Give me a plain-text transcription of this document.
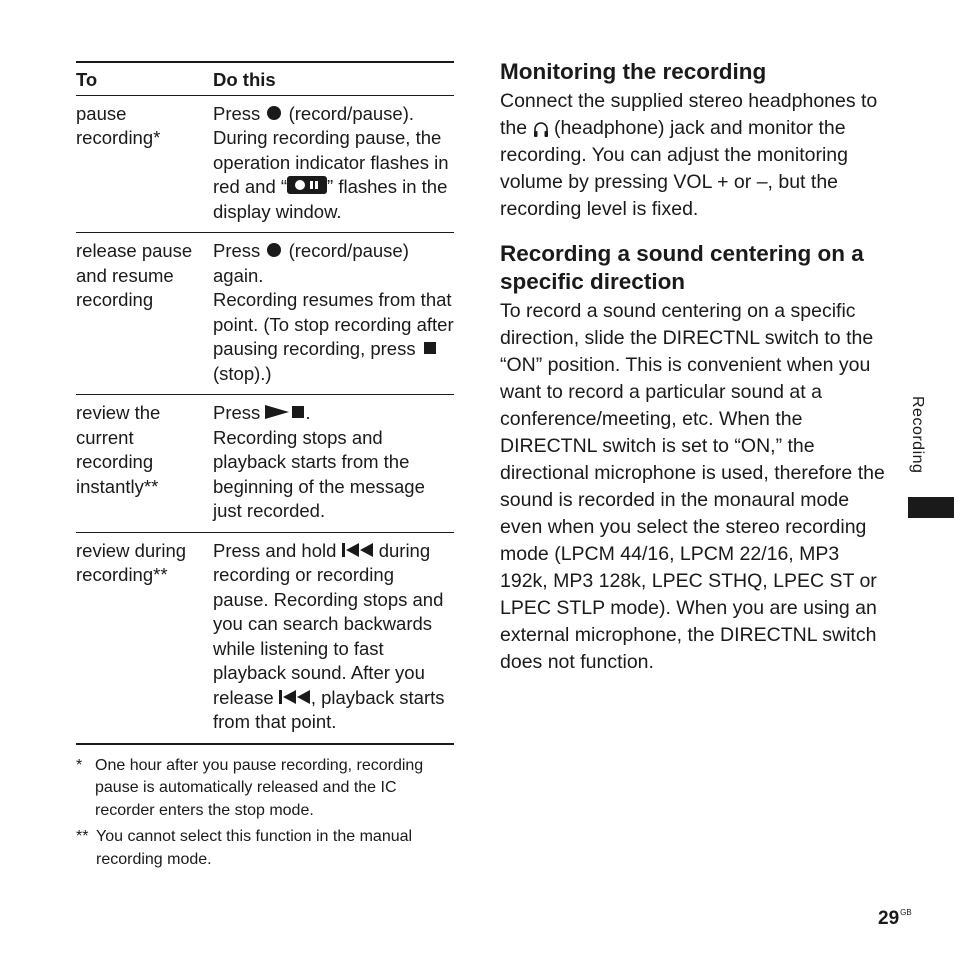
To	Do this
pause recording*	Press (record/pause). During recording pause, the operation indicator flashes in red and “ ” flashes in the display window.
release pause and resume recording	Press (record/pause) again.
Recording resumes from that point. (To stop recording after pausing recording, press  (stop).)
review the current recording instantly**	Press .
Recording stops and playback starts from the beginning of the message just recorded.
review during recording**	Press and hold during recording or recording pause. Recording stops and you can search backwards while listening to fast playback sound. After you release , playback starts from that point.
* One hour after you pause recording, recording pause is automatically released and the IC recorder enters the stop mode.
** You cannot select this function in the manual recording mode.
Monitoring the recording

Connect the supplied stereo headphones to the (headphone) jack and monitor the recording. You can adjust the monitoring volume by pressing VOL + or –, but the recording level is fixed.

Recording a sound centering on a specific direction

To record a sound centering on a specific direction, slide the DIRECTNL switch to the “ON” position. This is convenient when you want to record a particular sound at a conference/meeting, etc. When the DIRECTNL switch is set to “ON,” the directional microphone is used, therefore the sound is recorded in the monaural mode even when you select the stereo recording mode (LPCM 44/16, LPCM 22/16, MP3 192k, MP3 128k, LPEC STHQ, LPEC ST or LPEC STLP mode). When you are using an external microphone, the DIRECTNL switch does not function.

Recording
$29^{GB}$
